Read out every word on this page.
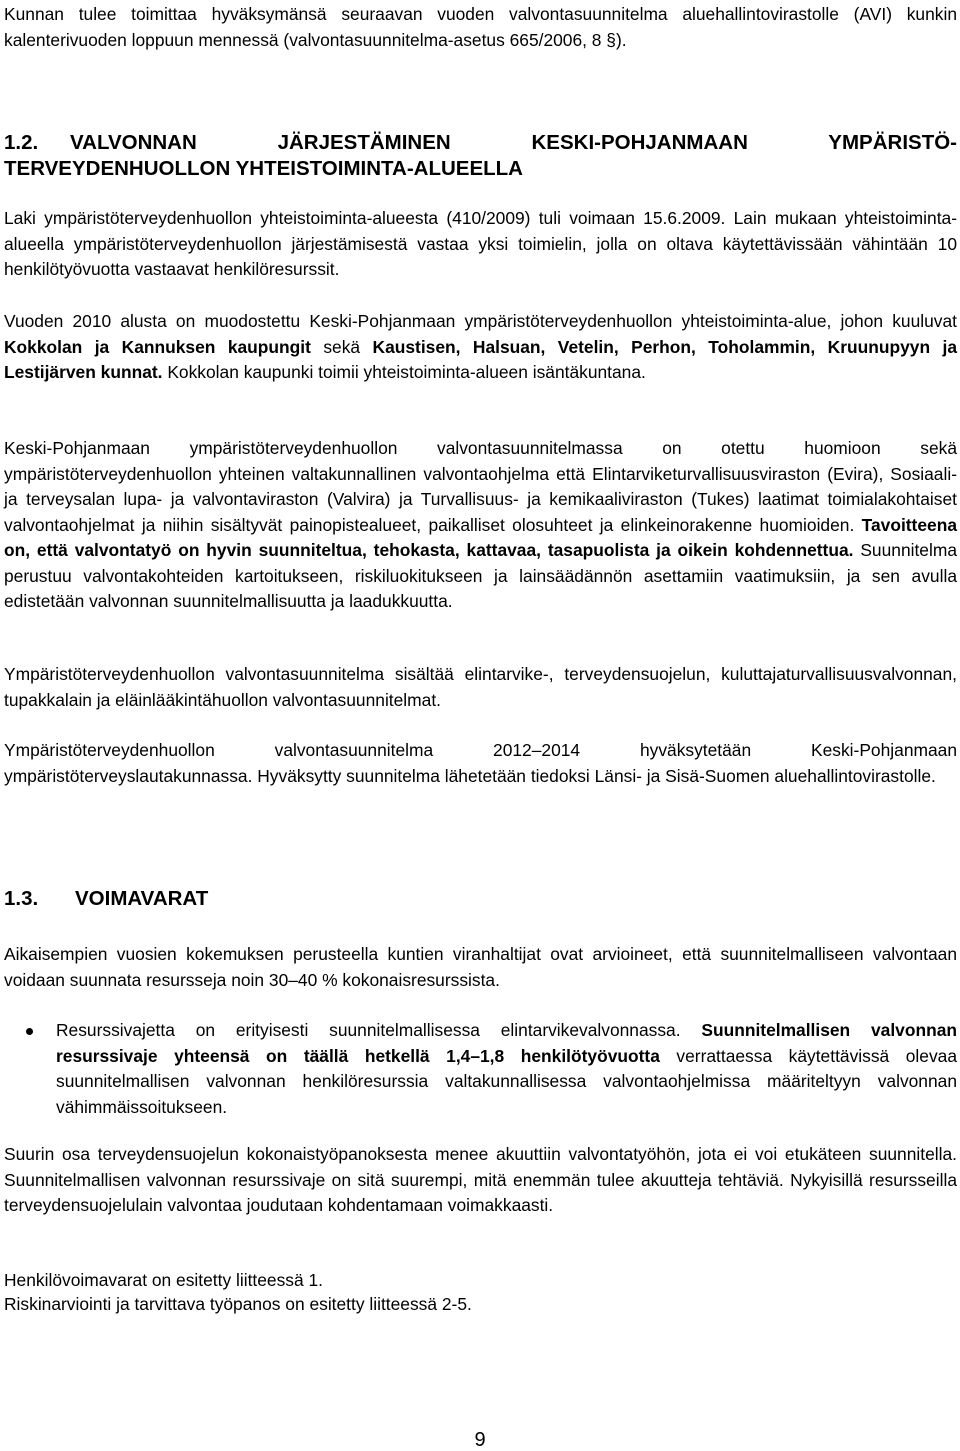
Kunnan tulee toimittaa hyväksymänsä seuraavan vuoden valvontasuunnitelma aluehallintovirastolle (AVI) kunkin kalenterivuoden loppuun mennessä (valvontasuunnitelma-asetus 665/2006, 8 §).

1.2.	VALVONNAN JÄRJESTÄMINEN KESKI-POHJANMAAN YMPÄRISTÖ-
TERVEYDENHUOLLON YHTEISTOIMINTA-ALUEELLA

Laki ympäristöterveydenhuollon yhteistoiminta-alueesta (410/2009) tuli voimaan 15.6.2009. Lain mukaan yhteistoiminta-alueella ympäristöterveydenhuollon järjestämisestä vastaa yksi toimielin, jolla on oltava käytettävissään vähintään 10 henkilötyövuotta vastaavat henkilöresurssit.

Vuoden 2010 alusta on muodostettu Keski-Pohjanmaan ympäristöterveydenhuollon yhteistoiminta-alue, johon kuuluvat Kokkolan ja Kannuksen kaupungit sekä Kaustisen, Halsuan, Vetelin, Perhon, Toholammin, Kruunupyyn ja Lestijärven kunnat. Kokkolan kaupunki toimii yhteistoiminta-alueen isäntäkuntana.

Keski-Pohjanmaan ympäristöterveydenhuollon valvontasuunnitelmassa on otettu huomioon sekä ympäristöterveydenhuollon yhteinen valtakunnallinen valvontaohjelma että Elintarviketurvallisuusviraston (Evira), Sosiaali- ja terveysalan lupa- ja valvontaviraston (Valvira) ja Turvallisuus- ja kemikaaliviraston (Tukes) laatimat toimialakohtaiset valvontaohjelmat ja niihin sisältyvät painopistealueet, paikalliset olosuhteet ja elinkeinorakenne huomioiden. Tavoitteena on, että valvontatyö on hyvin suunniteltua, tehokasta, kattavaa, tasapuolista ja oikein kohdennettua. Suunnitelma perustuu valvontakohteiden kartoitukseen, riskiluokitukseen ja lainsäädännön asettamiin vaatimuksiin, ja sen avulla edistetään valvonnan suunnitelmallisuutta ja laadukkuutta.

Ympäristöterveydenhuollon valvontasuunnitelma sisältää elintarvike-, terveydensuojelun, kuluttajaturvallisuusvalvonnan, tupakkalain ja eläinlääkintähuollon valvontasuunnitelmat.

Ympäristöterveydenhuollon valvontasuunnitelma 2012–2014 hyväksytetään Keski-Pohjanmaan ympäristöterveyslautakunnassa. Hyväksytty suunnitelma lähetetään tiedoksi Länsi- ja Sisä-Suomen aluehallintovirastolle.

1.3. VOIMAVARAT

Aikaisempien vuosien kokemuksen perusteella kuntien viranhaltijat ovat arvioineet, että suunnitelmalliseen valvontaan voidaan suunnata resursseja noin 30–40 % kokonaisresurssista.

Resurssivajetta on erityisesti suunnitelmallisessa elintarvikevalvonnassa. Suunnitelmallisen valvonnan resurssivaje yhteensä on täällä hetkellä 1,4–1,8 henkilötyövuotta verrattaessa käytettävissä olevaa suunnitelmallisen valvonnan henkilöresurssia valtakunnallisessa valvontaohjelmissa määriteltyyn valvonnan vähimmäissoitukseen.

Suurin osa terveydensuojelun kokonaistyöpanoksesta menee akuuttiin valvontatyöhön, jota ei voi etukäteen suunnitella. Suunnitelmallisen valvonnan resurssivaje on sitä suurempi, mitä enemmän tulee akuutteja tehtäviä. Nykyisillä resursseilla terveydensuojelulain valvontaa joudutaan kohdentamaan voimakkaasti.

Henkilövoimavarat on esitetty liitteessä 1.

Riskinarviointi ja tarvittava työpanos on esitetty liitteessä 2-5.

9
